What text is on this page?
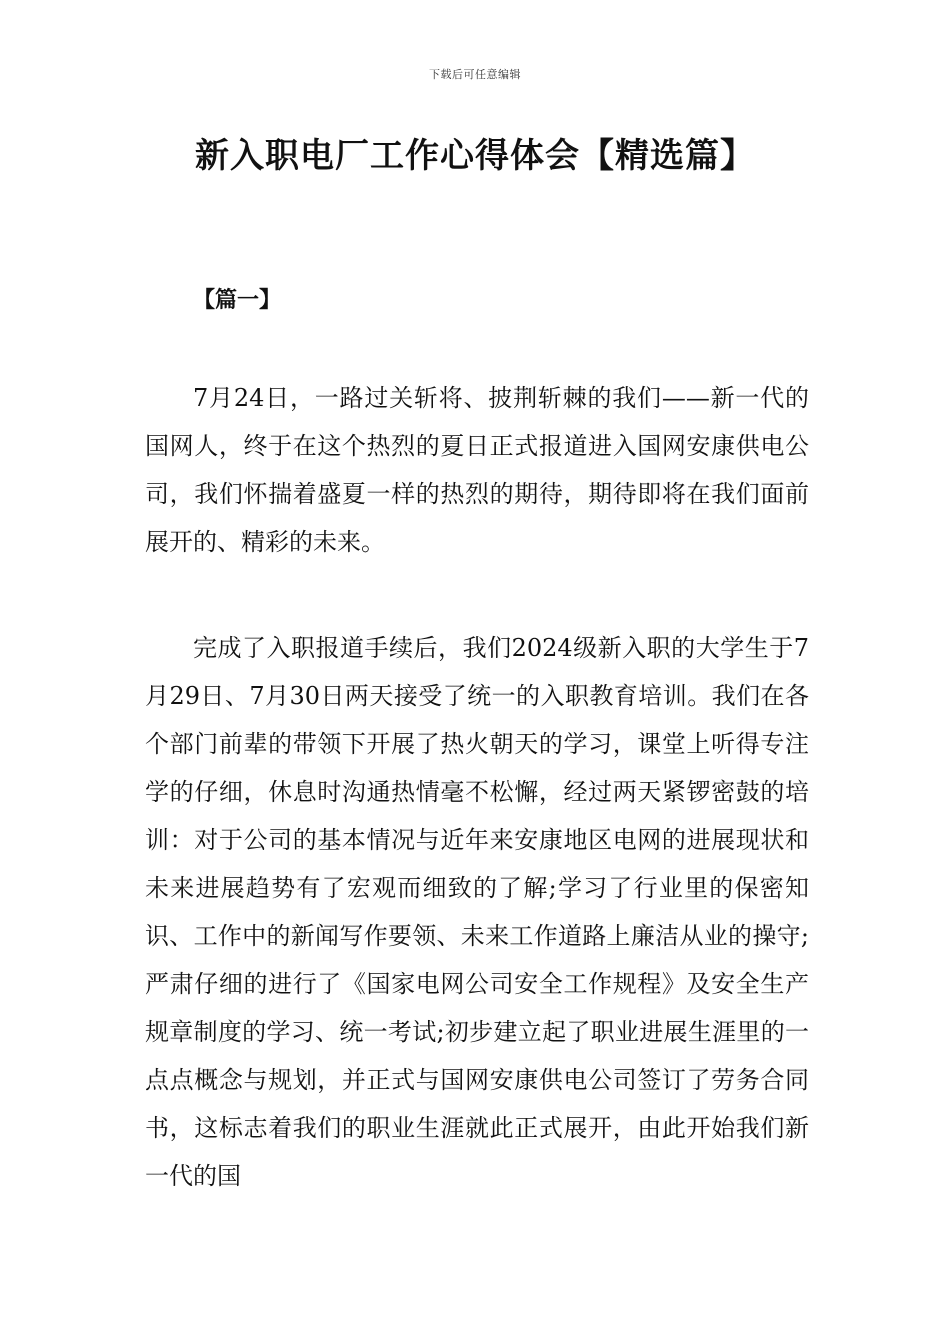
下载后可任意编辑
新入职电厂工作心得体会【精选篇】
【篇一】

7月24日，一路过关斩将、披荆斩棘的我们——新一代的国网人，终于在这个热烈的夏日正式报道进入国网安康供电公司，我们怀揣着盛夏一样的热烈的期待，期待即将在我们面前展开的、精彩的未来。

完成了入职报道手续后，我们2024级新入职的大学生于7月29日、7月30日两天接受了统一的入职教育培训。我们在各个部门前辈的带领下开展了热火朝天的学习，课堂上听得专注学的仔细，休息时沟通热情毫不松懈，经过两天紧锣密鼓的培训：对于公司的基本情况与近年来安康地区电网的进展现状和未来进展趋势有了宏观而细致的了解;学习了行业里的保密知识、工作中的新闻写作要领、未来工作道路上廉洁从业的操守;严肃仔细的进行了《国家电网公司安全工作规程》及安全生产规章制度的学习、统一考试;初步建立起了职业进展生涯里的一点点概念与规划，并正式与国网安康供电公司签订了劳务合同书，这标志着我们的职业生涯就此正式展开，由此开始我们新一代的国
